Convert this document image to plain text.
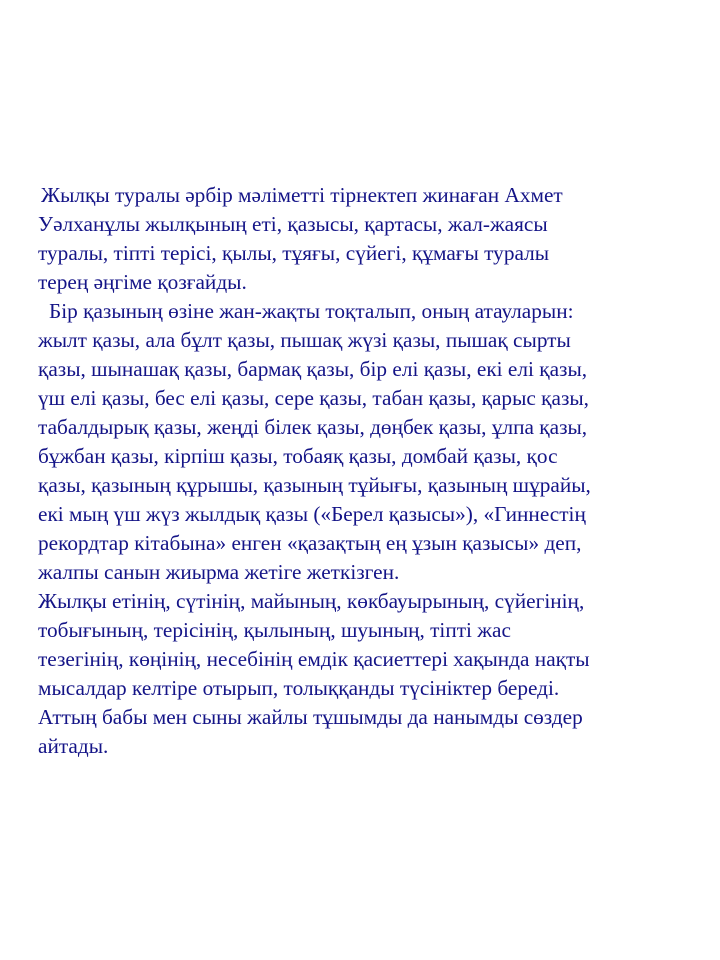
Жылқы туралы әрбір мәліметті тірнектеп жинаған Ахмет
Уәлханұлы жылқының еті, қазысы, қартасы, жал-жаясы
туралы, тіпті терісі, қылы, тұяғы, сүйегі, құмағы туралы
терең әңгіме қозғайды.
Бір қазының өзіне жан-жақты тоқталып, оның атауларын:
жылт қазы, ала бұлт қазы, пышақ жүзі қазы, пышақ сырты
қазы, шынашақ қазы, бармақ қазы, бір елі қазы, екі елі қазы,
үш елі қазы, бес елі қазы, сере қазы, табан қазы, қарыс қазы,
табалдырық қазы, жеңді білек қазы, дөңбек қазы, ұлпа қазы,
бұжбан қазы, кірпіш қазы, тобаяқ қазы, домбай қазы, қос
қазы, қазының құрышы, қазының тұйығы, қазының шұрайы,
екі мың үш жүз жылдық қазы («Берел қазысы»), «Гиннестің
рекордтар кітабына» енген «қазақтың ең ұзын қазысы» деп,
жалпы санын жиырма жетіге жеткізген.
Жылқы етінің, сүтінің, майының, көкбауырының, сүйегінің,
тобығының, терісінің, қылының, шуының, тіпті жас
тезегінің, көңінің, несебінің емдік қасиеттері хақында нақты
мысалдар келтіре отырып, толыққанды түсініктер береді.
Аттың бабы мен сыны жайлы тұшымды да нанымды сөздер
айтады.
